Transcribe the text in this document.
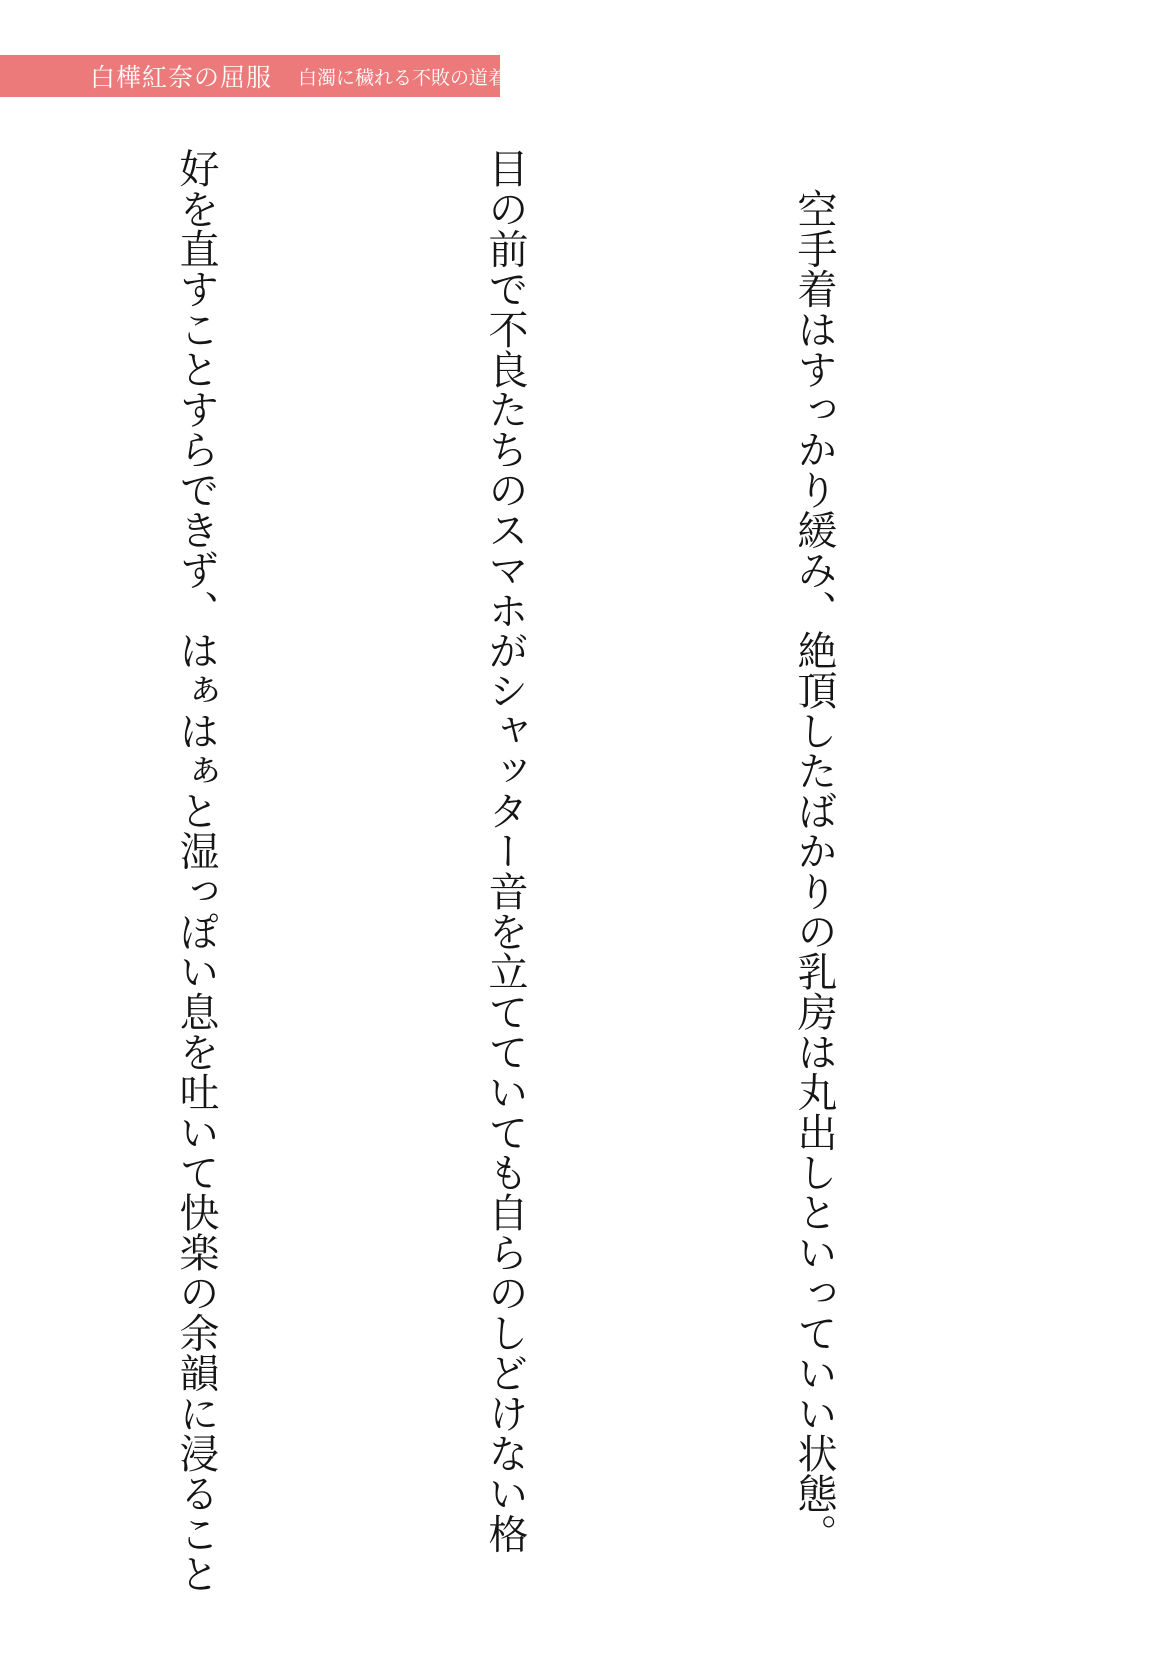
白樺紅奈の屈服 白濁に穢れる不敗の道着

　空手着はすっかり緩み、絶頂したばかりの乳房は丸出しといっていい状態。

目の前で不良たちのスマホがシャッター音を立てていても自らのしどけない格

好を直すことすらできず、はぁはぁと湿っぽい息を吐いて快楽の余韻に浸ること
